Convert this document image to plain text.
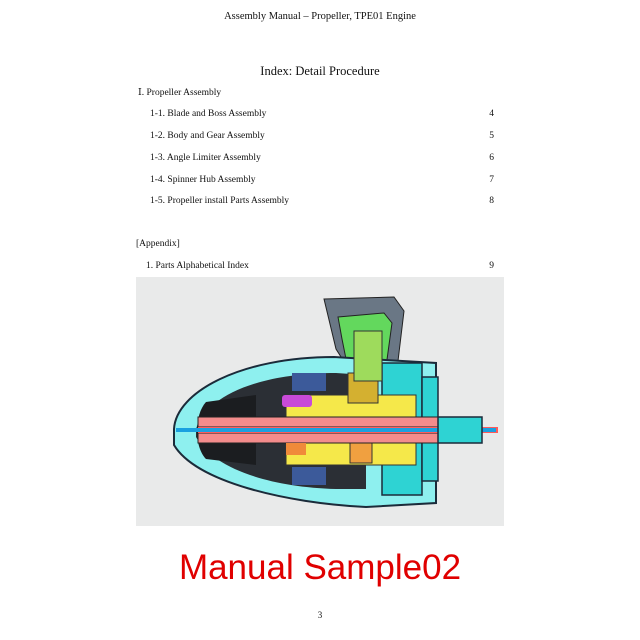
Assembly Manual – Propeller, TPE01 Engine
Index: Detail Procedure
Ⅰ. Propeller Assembly
1-1. Blade and Boss Assembly	4
1-2. Body and Gear Assembly	5
1-3. Angle Limiter Assembly	6
1-4. Spinner Hub Assembly	7
1-5. Propeller install Parts Assembly	8
[Appendix]
1. Parts Alphabetical Index	9
Manual Sample02
3
